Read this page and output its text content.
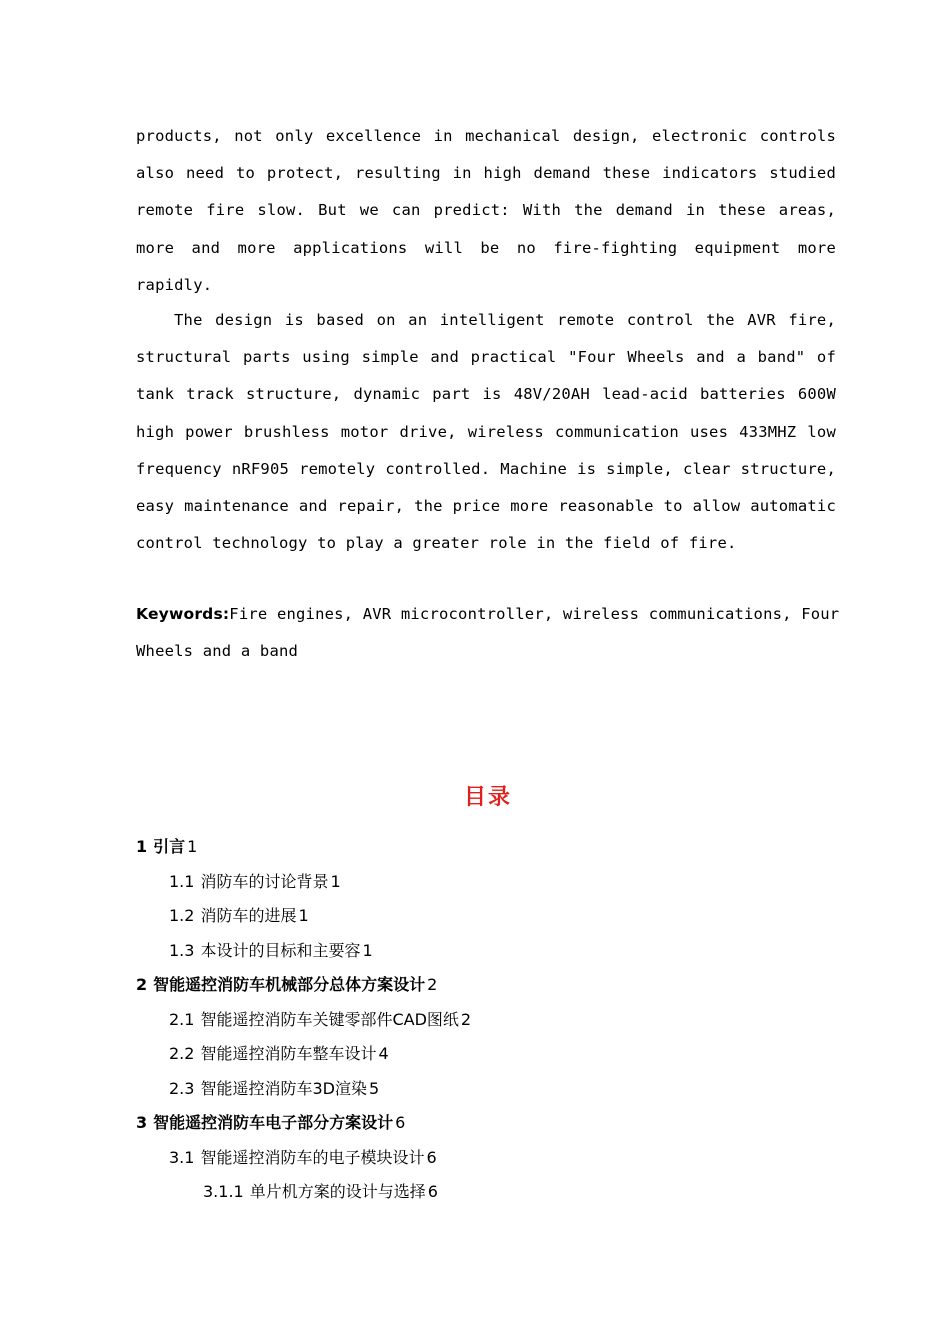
products, not only excellence in mechanical design, electronic controls
also need to protect, resulting in high demand these indicators studied
remote fire slow. But we can predict: With the demand in these areas,
more and more applications will be no fire-fighting equipment more
rapidly.
The design is based on an intelligent remote control the AVR fire,
structural parts using simple and practical "Four Wheels and a band" of
tank track structure, dynamic part is 48V/20AH lead-acid batteries 600W
high power brushless motor drive, wireless communication uses 433MHZ low
frequency nRF905 remotely controlled. Machine is simple, clear structure,
easy maintenance and repair, the price more reasonable to allow automatic
control technology to play a greater role in the field of fire.
Keywords:Fire engines, AVR microcontroller, wireless communications, Four
Wheels and a band
目录
1 引言 1
1.1 消防车的讨论背景 1
1.2 消防车的进展 1
1.3 本设计的目标和主要容 1
2 智能遥控消防车机械部分总体方案设计 2
2.1 智能遥控消防车关键零部件CAD图纸 2
2.2 智能遥控消防车整车设计 4
2.3 智能遥控消防车3D渲染 5
3 智能遥控消防车电子部分方案设计 6
3.1 智能遥控消防车的电子模块设计 6
3.1.1 单片机方案的设计与选择 6
